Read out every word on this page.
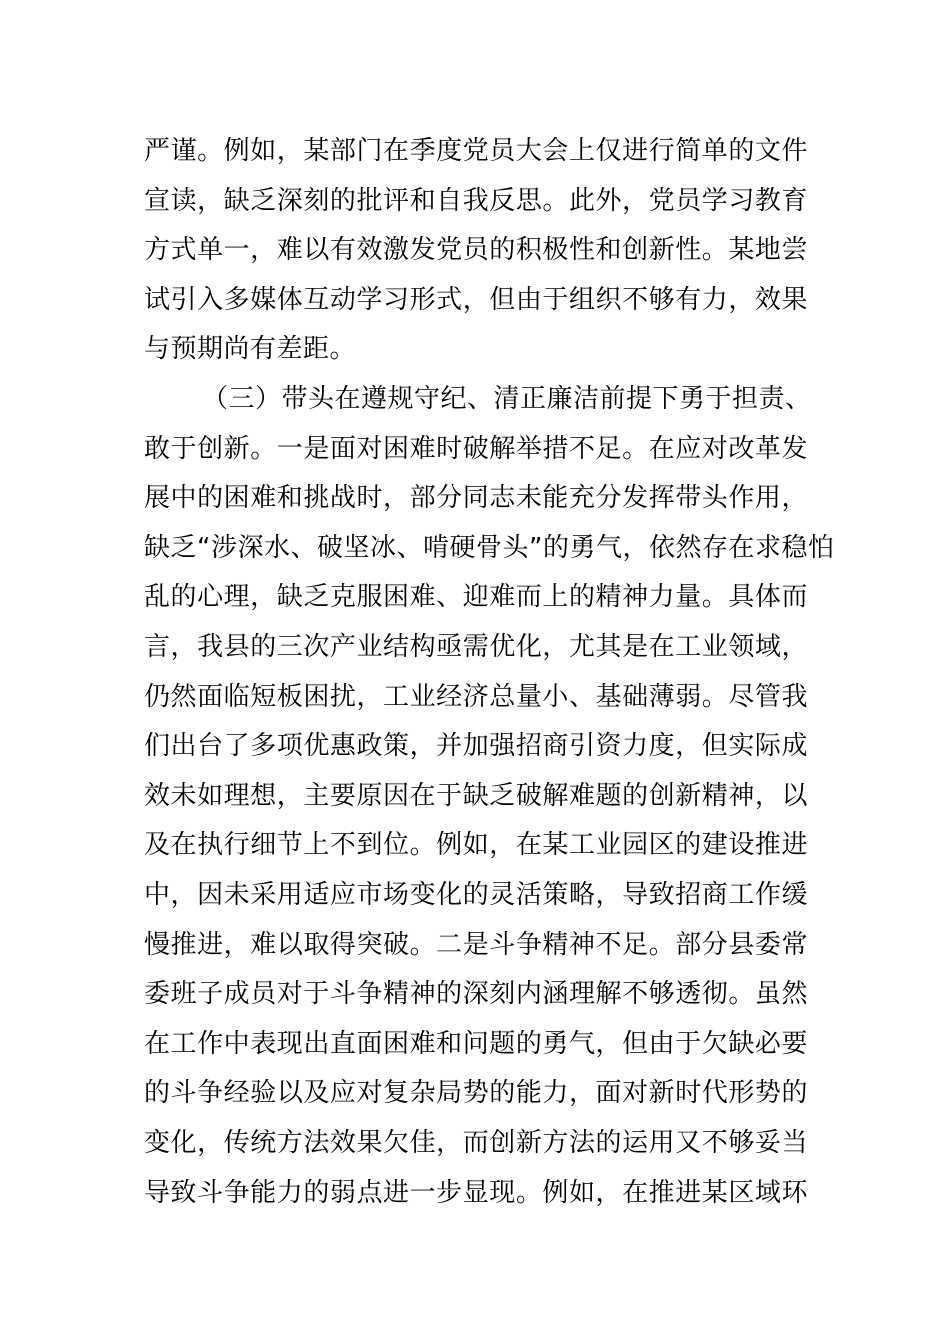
严谨。例如，某部门在季度党员大会上仅进行简单的文件
宣读，缺乏深刻的批评和自我反思。此外，党员学习教育
方式单一，难以有效激发党员的积极性和创新性。某地尝
试引入多媒体互动学习形式，但由于组织不够有力，效果
与预期尚有差距。
（三）带头在遵规守纪、清正廉洁前提下勇于担责、
敢于创新。一是面对困难时破解举措不足。在应对改革发
展中的困难和挑战时，部分同志未能充分发挥带头作用，
缺乏“涉深水、破坚冰、啃硬骨头”的勇气，依然存在求稳怕
乱的心理，缺乏克服困难、迎难而上的精神力量。具体而
言，我县的三次产业结构亟需优化，尤其是在工业领域，
仍然面临短板困扰，工业经济总量小、基础薄弱。尽管我
们出台了多项优惠政策，并加强招商引资力度，但实际成
效未如理想，主要原因在于缺乏破解难题的创新精神，以
及在执行细节上不到位。例如，在某工业园区的建设推进
中，因未采用适应市场变化的灵活策略，导致招商工作缓
慢推进，难以取得突破。二是斗争精神不足。部分县委常
委班子成员对于斗争精神的深刻内涵理解不够透彻。虽然
在工作中表现出直面困难和问题的勇气，但由于欠缺必要
的斗争经验以及应对复杂局势的能力，面对新时代形势的
变化，传统方法效果欠佳，而创新方法的运用又不够妥当
导致斗争能力的弱点进一步显现。例如，在推进某区域环
